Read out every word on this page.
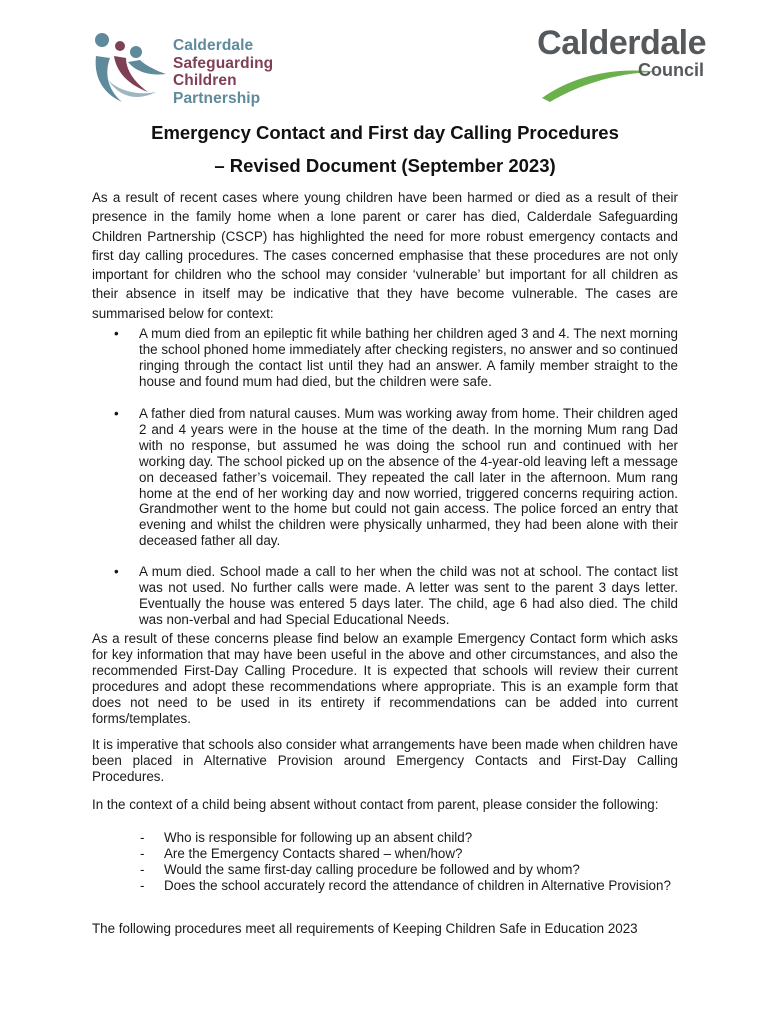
Calderdale
Safeguarding
Children
Partnership
Calderdale
Council
Emergency Contact and First day Calling Procedures
– Revised Document (September 2023)
As a result of recent cases where young children have been harmed or died as a result of their presence in the family home when a lone parent or carer has died, Calderdale Safeguarding Children Partnership (CSCP) has highlighted the need for more robust emergency contacts and first day calling procedures. The cases concerned emphasise that these procedures are not only important for children who the school may consider ‘vulnerable’ but important for all children as their absence in itself may be indicative that they have become vulnerable. The cases are summarised below for context:
• A mum died from an epileptic fit while bathing her children aged 3 and 4. The next morning the school phoned home immediately after checking registers, no answer and so continued ringing through the contact list until they had an answer. A family member straight to the house and found mum had died, but the children were safe.
• A father died from natural causes. Mum was working away from home. Their children aged 2 and 4 years were in the house at the time of the death. In the morning Mum rang Dad with no response, but assumed he was doing the school run and continued with her working day. The school picked up on the absence of the 4-year-old leaving left a message on deceased father’s voicemail. They repeated the call later in the afternoon. Mum rang home at the end of her working day and now worried, triggered concerns requiring action. Grandmother went to the home but could not gain access. The police forced an entry that evening and whilst the children were physically unharmed, they had been alone with their deceased father all day.
• A mum died. School made a call to her when the child was not at school. The contact list was not used. No further calls were made. A letter was sent to the parent 3 days letter. Eventually the house was entered 5 days later. The child, age 6 had also died. The child was non-verbal and had Special Educational Needs.
As a result of these concerns please find below an example Emergency Contact form which asks for key information that may have been useful in the above and other circumstances, and also the recommended First-Day Calling Procedure. It is expected that schools will review their current procedures and adopt these recommendations where appropriate. This is an example form that does not need to be used in its entirety if recommendations can be added into current forms/templates.
It is imperative that schools also consider what arrangements have been made when children have been placed in Alternative Provision around Emergency Contacts and First-Day Calling Procedures.
In the context of a child being absent without contact from parent, please consider the following:
- Who is responsible for following up an absent child?
- Are the Emergency Contacts shared – when/how?
- Would the same first-day calling procedure be followed and by whom?
- Does the school accurately record the attendance of children in Alternative Provision?
The following procedures meet all requirements of Keeping Children Safe in Education 2023
